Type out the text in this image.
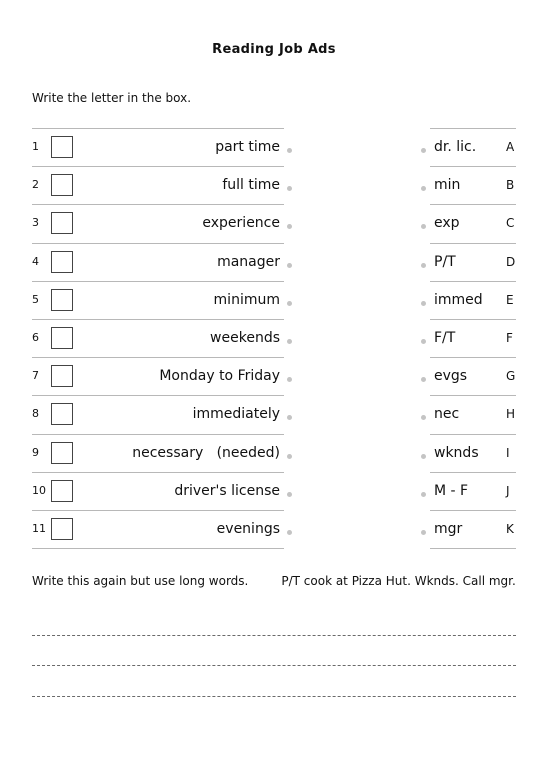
Reading Job Ads
Write the letter in the box.
1	part time	dr. lic. A
2	full time	min	B
3	experience	exp	C
4	manager	P/T	D
5	minimum	immed E
6	weekends	F/T	F
7	Monday to Friday	evgs	G
8	immediately	nec	H
9	necessary   (needed)	wknds I
10	driver's license	M - F	J
11	evenings	mgr	K
Write this again but use long words.	P/T cook at Pizza Hut. Wknds. Call mgr.
